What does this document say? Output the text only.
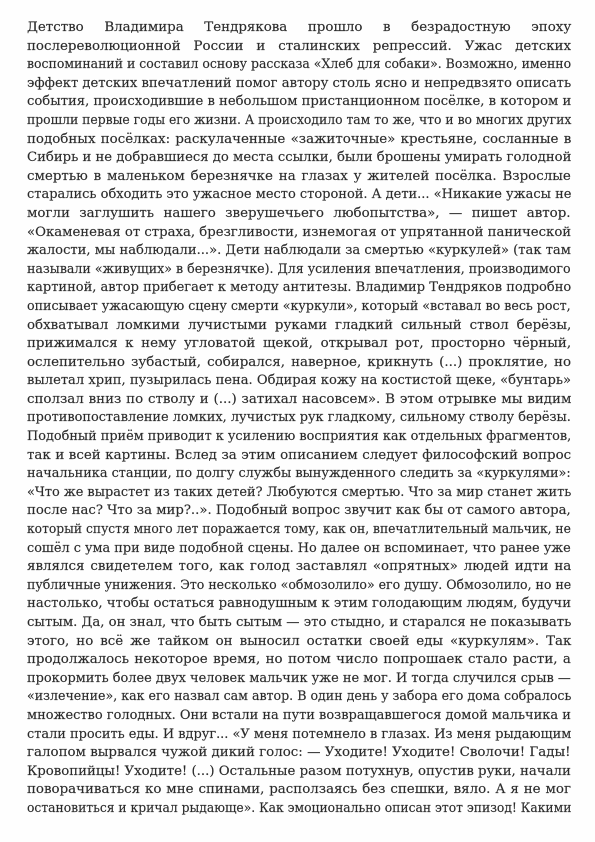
Детство Владимира Тендрякова прошло в безрадостную эпоху
послереволюционной России и сталинских репрессий. Ужас детских
воспоминаний и составил основу рассказа «Хлеб для собаки». Возможно, именно
эффект детских впечатлений помог автору столь ясно и непредвзято описать
события, происходившие в небольшом пристанционном посёлке, в котором и
прошли первые годы его жизни. А происходило там то же, что и во многих других
подобных посёлках: раскулаченные «зажиточные» крестьяне, сосланные в
Сибирь и не добравшиеся до места ссылки, были брошены умирать голодной
смертью в маленьком березнячке на глазах у жителей посёлка. Взрослые
старались обходить это ужасное место стороной. А дети... «Никакие ужасы не
могли заглушить нашего зверушечьего любопытства», — пишет автор.
«Окаменевая от страха, брезгливости, изнемогая от упрятанной панической
жалости, мы наблюдали...». Дети наблюдали за смертью «куркулей» (так там
называли «живущих» в березнячке). Для усиления впечатления, производимого
картиной, автор прибегает к методу антитезы. Владимир Тендряков подробно
описывает ужасающую сцену смерти «куркули», который «вставал во весь рост,
обхватывал ломкими лучистыми руками гладкий сильный ствол берёзы,
прижимался к нему угловатой щекой, открывал рот, просторно чёрный,
ослепительно зубастый, собирался, наверное, крикнуть (...) проклятие, но
вылетал хрип, пузырилась пена. Обдирая кожу на костистой щеке, «бунтарь»
сползал вниз по стволу и (...) затихал насовсем». В этом отрывке мы видим
противопоставление ломких, лучистых рук гладкому, сильному стволу берёзы.
Подобный приём приводит к усилению восприятия как отдельных фрагментов,
так и всей картины. Вслед за этим описанием следует философский вопрос
начальника станции, по долгу службы вынужденного следить за «куркулями»:
«Что же вырастет из таких детей? Любуются смертью. Что за мир станет жить
после нас? Что за мир?..». Подобный вопрос звучит как бы от самого автора,
который спустя много лет поражается тому, как он, впечатлительный мальчик, не
сошёл с ума при виде подобной сцены. Но далее он вспоминает, что ранее уже
являлся свидетелем того, как голод заставлял «опрятных» людей идти на
публичные унижения. Это несколько «обмозолило» его душу. Обмозолило, но не
настолько, чтобы остаться равнодушным к этим голодающим людям, будучи
сытым. Да, он знал, что быть сытым — это стыдно, и старался не показывать
этого, но всё же тайком он выносил остатки своей еды «куркулям». Так
продолжалось некоторое время, но потом число попрошаек стало расти, а
прокормить более двух человек мальчик уже не мог. И тогда случился срыв —
«излечение», как его назвал сам автор. В один день у забора его дома собралось
множество голодных. Они встали на пути возвращавшегося домой мальчика и
стали просить еды. И вдруг... «У меня потемнело в глазах. Из меня рыдающим
галопом вырвался чужой дикий голос: — Уходите! Уходите! Сволочи! Гады!
Кровопийцы! Уходите! (...) Остальные разом потухнув, опустив руки, начали
поворачиваться ко мне спинами, расползаясь без спешки, вяло. А я не мог
остановиться и кричал рыдающе». Как эмоционально описан этот эпизод! Какими
